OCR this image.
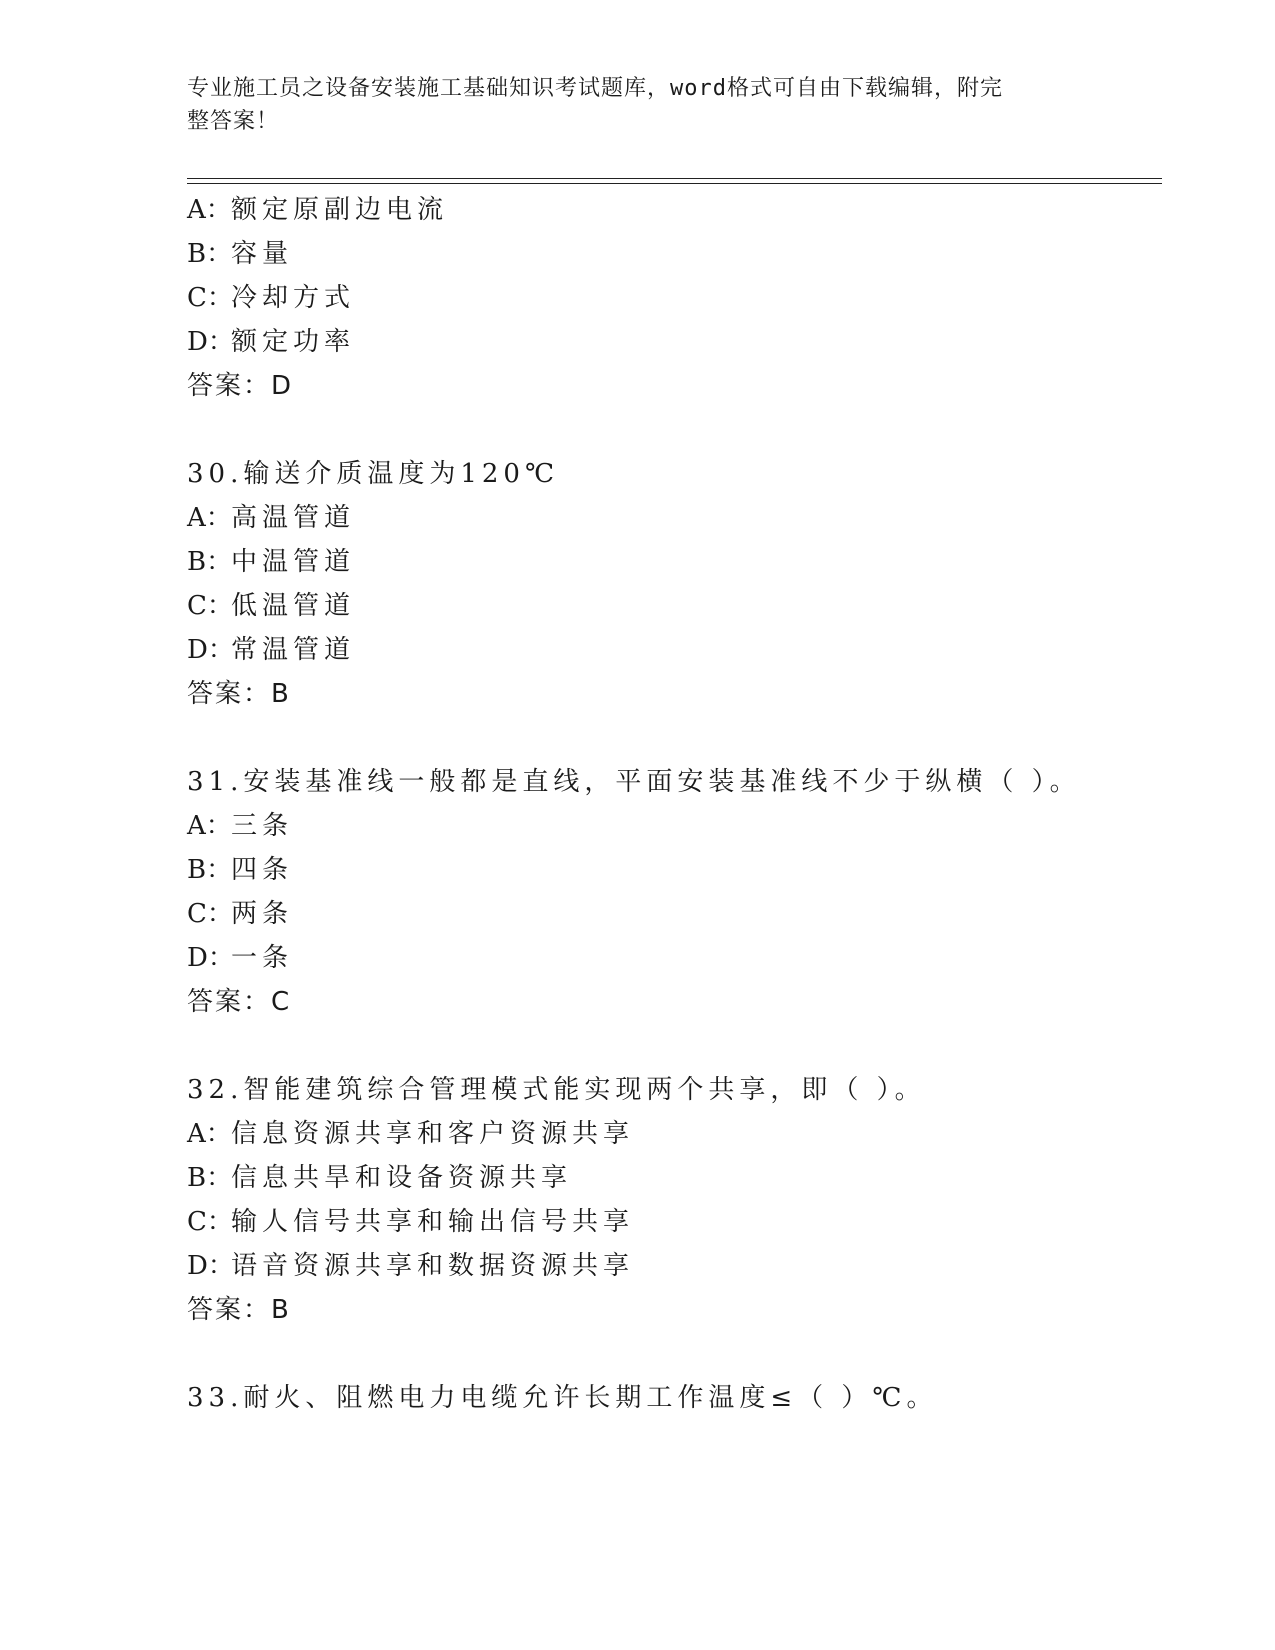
专业施工员之设备安装施工基础知识考试题库，word格式可自由下载编辑，附完
整答案！
A：额定原副边电流
B：容量
C：冷却方式
D：额定功率
答案：D
30.输送介质温度为120℃
A：高温管道
B：中温管道
C：低温管道
D：常温管道
答案：B
31.安装基准线一般都是直线，平面安装基准线不少于纵横（ ）。
A：三条
B：四条
C：两条
D：一条
答案：C
32.智能建筑综合管理模式能实现两个共享，即（ ）。
A：信息资源共享和客户资源共享
B：信息共旱和设备资源共享
C：输人信号共享和输出信号共享
D：语音资源共享和数据资源共享
答案：B
33.耐火、阻燃电力电缆允许长期工作温度≤（ ）℃。
